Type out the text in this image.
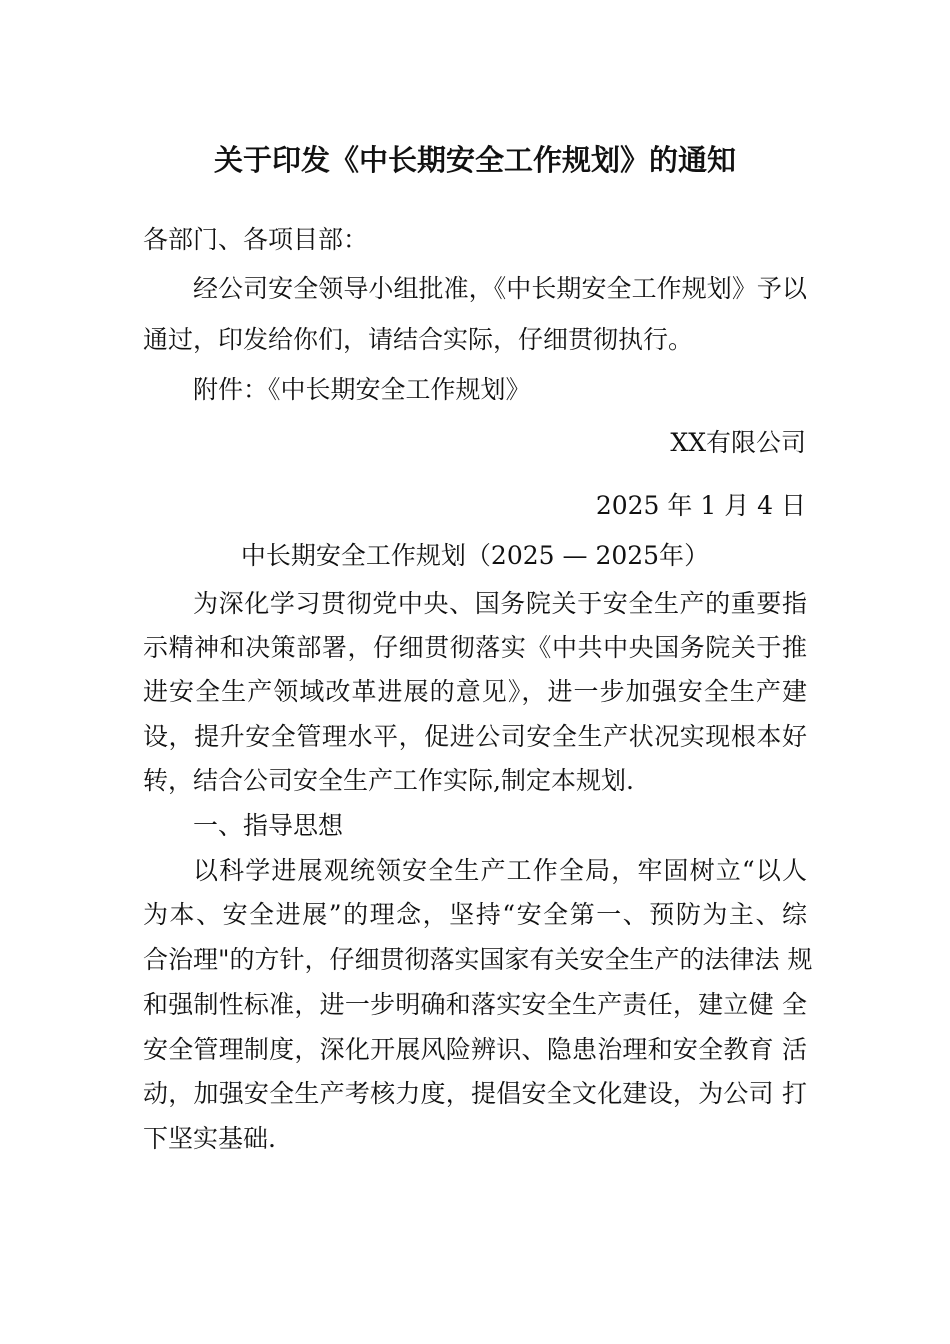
关于印发《中长期安全工作规划》的通知

各部门、各项目部：

经公司安全领导小组批准，《中长期安全工作规划》予以

通过，印发给你们，请结合实际，仔细贯彻执行。

附件：《中长期安全工作规划》

XX有限公司

2025 年 1 月 4 日

中长期安全工作规划（2025 — 2025年）

为深化学习贯彻党中央、国务院关于安全生产的重要指

示精神和决策部署，仔细贯彻落实《中共中央国务院关于推

进安全生产领域改革进展的意见》，进一步加强安全生产建

设，提升安全管理水平，促进公司安全生产状况实现根本好

转，结合公司安全生产工作实际,制定本规划.

一、指导思想

以科学进展观统领安全生产工作全局，牢固树立“以人

为本、安全进展”的理念，坚持“安全第一、预防为主、综

合治理"的方针，仔细贯彻落实国家有关安全生产的法律法 规

和强制性标准，进一步明确和落实安全生产责任，建立健 全

安全管理制度，深化开展风险辨识、隐患治理和安全教育 活

动，加强安全生产考核力度，提倡安全文化建设，为公司 打

下坚实基础.
